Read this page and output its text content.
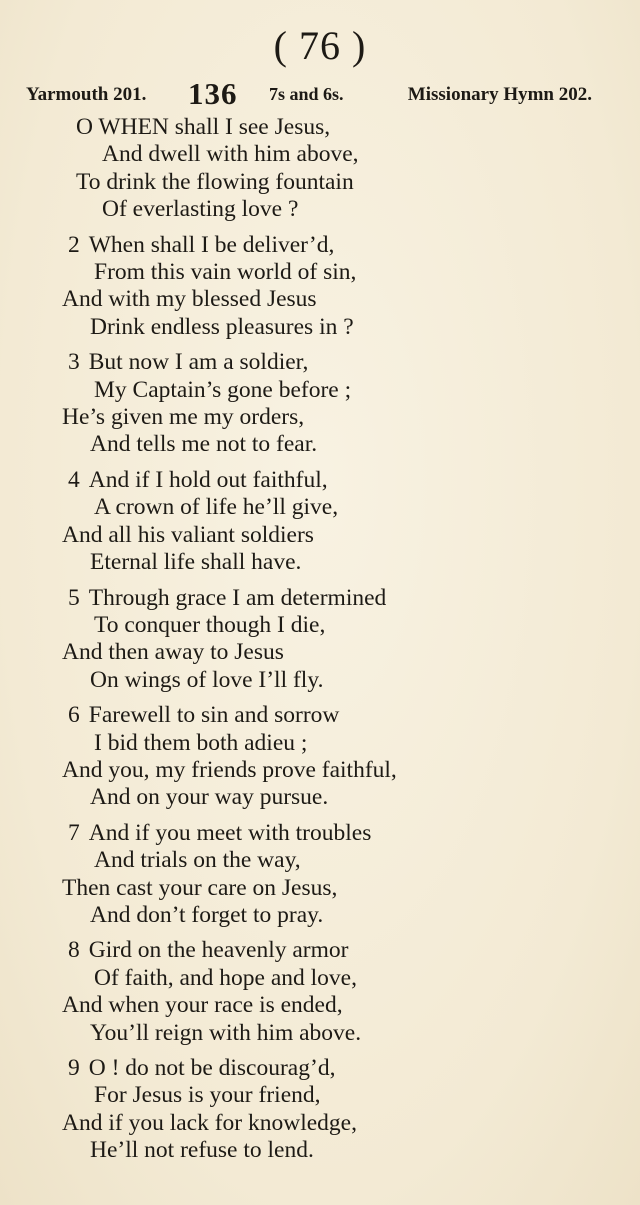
( 76 )
Yarmouth 201. 136 7s and 6s.	Missionary Hymn 202.
O WHEN shall I see Jesus,
And dwell with him above,
To drink the flowing fountain
Of everlasting love ?
2 When shall I be deliver’d,
From this vain world of sin,
And with my blessed Jesus
Drink endless pleasures in ?
3 But now I am a soldier,
My Captain’s gone before ;
He’s given me my orders,
And tells me not to fear.
4 And if I hold out faithful,
A crown of life he’ll give,
And all his valiant soldiers
Eternal life shall have.
5 Through grace I am determined
To conquer though I die,
And then away to Jesus
On wings of love I’ll fly.
6 Farewell to sin and sorrow
I bid them both adieu ;
And you, my friends prove faithful,
And on your way pursue.
7 And if you meet with troubles
And trials on the way,
Then cast your care on Jesus,
And don’t forget to pray.
8 Gird on the heavenly armor
Of faith, and hope and love,
And when your race is ended,
You’ll reign with him above.
9 O ! do not be discourag’d,
For Jesus is your friend,
And if you lack for knowledge,
He’ll not refuse to lend.
